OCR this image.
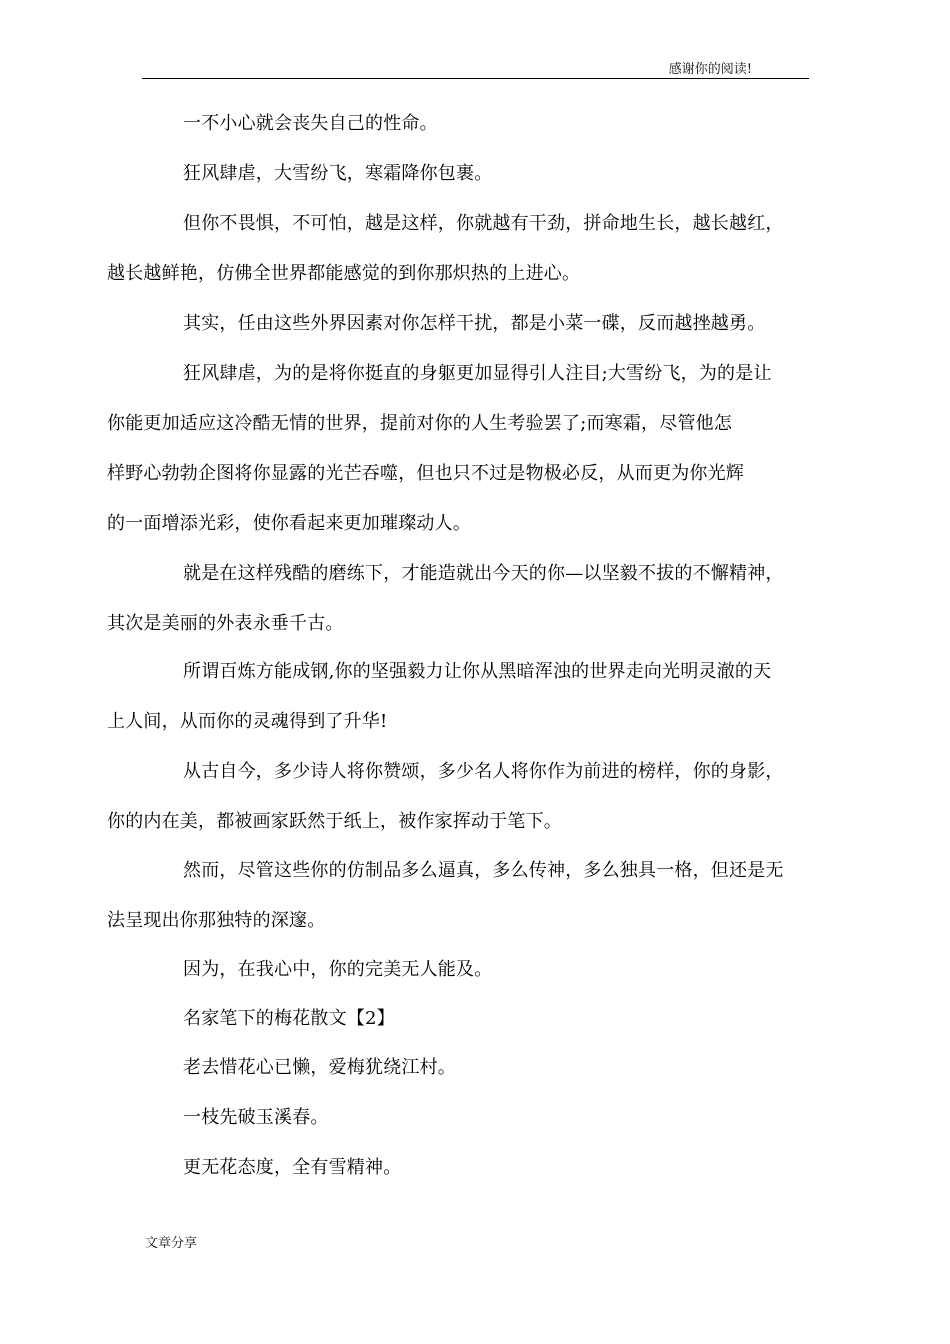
感谢你的阅读!

一不小心就会丧失自己的性命。

狂风肆虐，大雪纷飞，寒霜降你包裹。

但你不畏惧，不可怕，越是这样，你就越有干劲，拼命地生长，越长越红，
越长越鲜艳，仿佛全世界都能感觉的到你那炽热的上进心。

其实，任由这些外界因素对你怎样干扰，都是小菜一碟，反而越挫越勇。

狂风肆虐，为的是将你挺直的身躯更加显得引人注目;大雪纷飞，为的是让
你能更加适应这冷酷无情的世界，提前对你的人生考验罢了;而寒霜，尽管他怎
样野心勃勃企图将你显露的光芒吞噬，但也只不过是物极必反，从而更为你光辉
的一面增添光彩，使你看起来更加璀璨动人。

就是在这样残酷的磨练下，才能造就出今天的你—以坚毅不拔的不懈精神，
其次是美丽的外表永垂千古。

所谓百炼方能成钢,你的坚强毅力让你从黑暗浑浊的世界走向光明灵澈的天
上人间，从而你的灵魂得到了升华!

从古自今，多少诗人将你赞颂，多少名人将你作为前进的榜样，你的身影，
你的内在美，都被画家跃然于纸上，被作家挥动于笔下。

然而，尽管这些你的仿制品多么逼真，多么传神，多么独具一格，但还是无
法呈现出你那独特的深邃。

因为，在我心中，你的完美无人能及。

名家笔下的梅花散文【2】

老去惜花心已懒，爱梅犹绕江村。

一枝先破玉溪春。

更无花态度，全有雪精神。

文章分享
